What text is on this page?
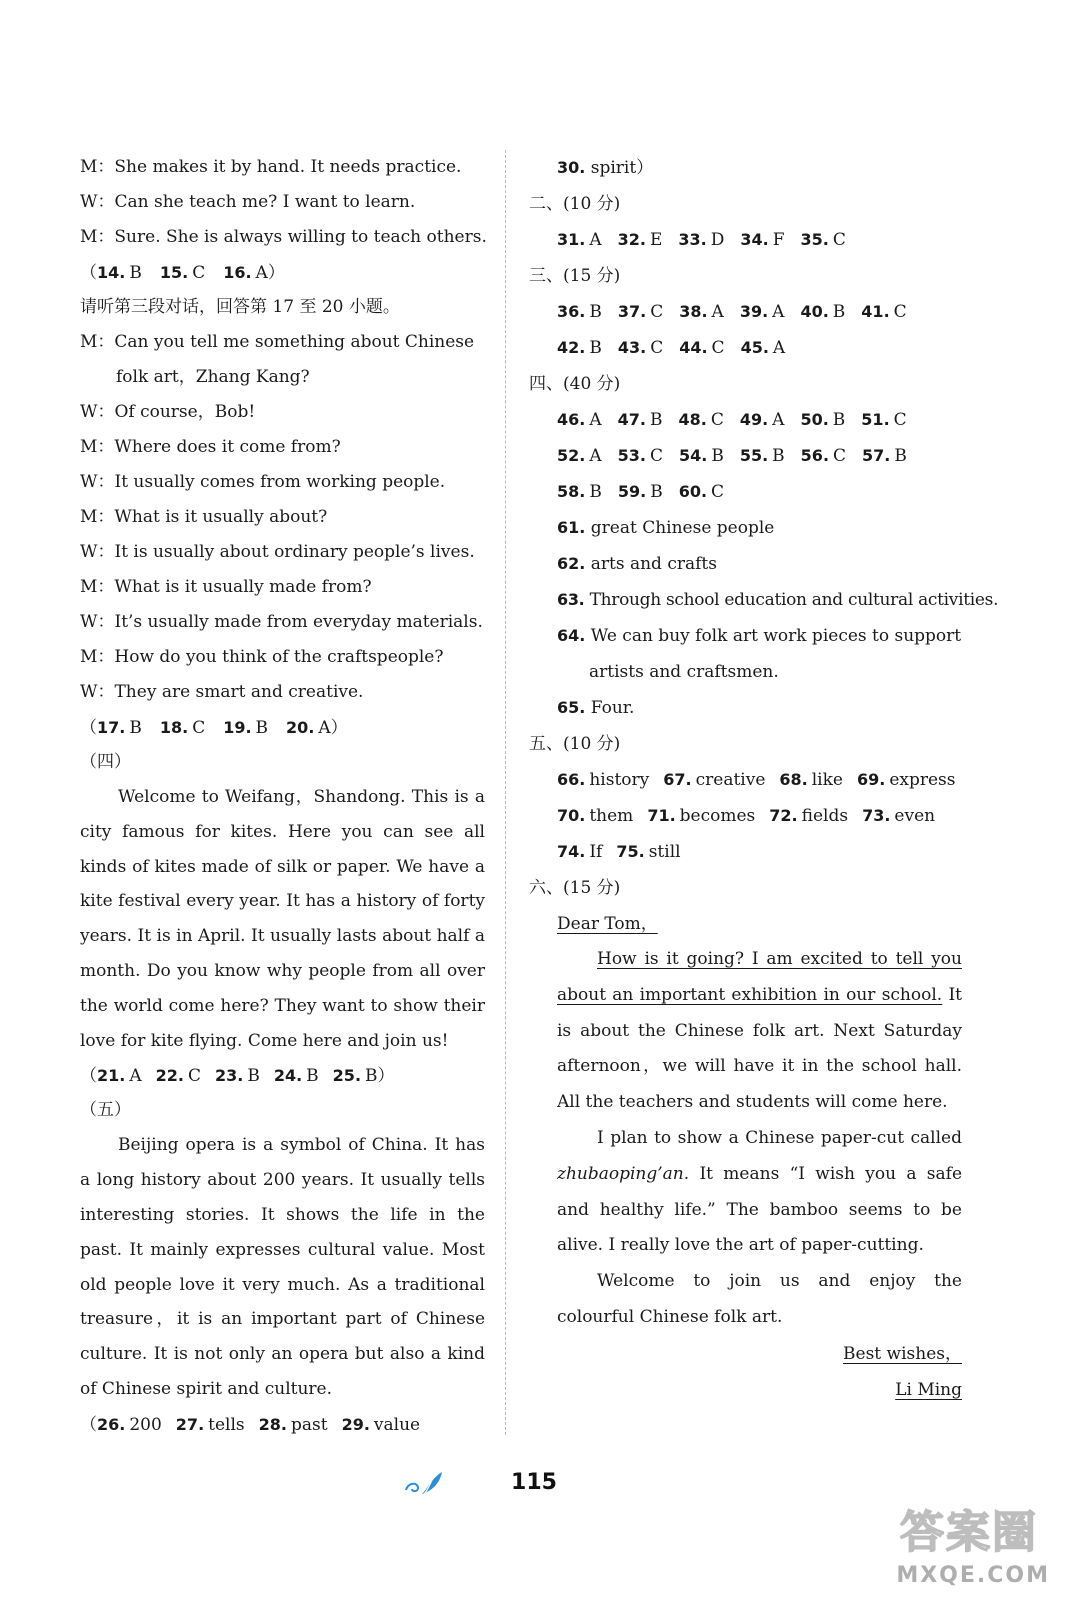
M：She makes it by hand. It needs practice.
W：Can she teach me? I want to learn.
M：Sure. She is always willing to teach others.
（14. B 15. C 16. A）
请听第三段对话，回答第 17 至 20 小题。
M：Can you tell me something about Chinese
folk art，Zhang Kang?
W：Of course，Bob!
M：Where does it come from?
W：It usually comes from working people.
M：What is it usually about?
W：It is usually about ordinary people’s lives.
M：What is it usually made from?
W：It’s usually made from everyday materials.
M：How do you think of the craftspeople?
W：They are smart and creative.
（17. B 18. C 19. B 20. A）
（四）

Welcome to Weifang，Shandong. This is a city famous for kites. Here you can see all kinds of kites made of silk or paper. We have a kite festival every year. It has a history of forty years. It is in April. It usually lasts about half a month. Do you know why people from all over the world come here? They want to show their love for kite flying. Come here and join us!

（21. A 22. C 23. B 24. B 25. B）
（五）

Beijing opera is a symbol of China. It has a long history about 200 years. It usually tells interesting stories. It shows the life in the past. It mainly expresses cultural value. Most old people love it very much. As a traditional treasure，it is an important part of Chinese culture. It is not only an opera but also a kind of Chinese spirit and culture.

（26. 200 27. tells 28. past 29. value
30. spirit）
二、(10 分)
31. A 32. E 33. D 34. F 35. C
三、(15 分)
36. B 37. C 38. A 39. A 40. B 41. C
42. B 43. C 44. C 45. A
四、(40 分)
46. A 47. B 48. C 49. A 50. B 51. C
52. A 53. C 54. B 55. B 56. C 57. B
58. B 59. B 60. C
61. great Chinese people
62. arts and crafts
63. Through school education and cultural activities.
64. We can buy folk art work pieces to support
artists and craftsmen.
65. Four.
五、(10 分)
66. history 67. creative 68. like 69. express
70. them 71. becomes 72. fields 73. even
74. If 75. still
六、(15 分)
Dear Tom，

How is it going? I am excited to tell you about an important exhibition in our school. It is about the Chinese folk art. Next Saturday afternoon，we will have it in the school hall. All the teachers and students will come here.

I plan to show a Chinese paper-cut called zhubaoping’an. It means “I wish you a safe and healthy life.” The bamboo seems to be alive. I really love the art of paper-cutting.

Welcome to join us and enjoy the colourful Chinese folk art.

Best wishes，
Li Ming
115
答案圈
MXQE.COM
